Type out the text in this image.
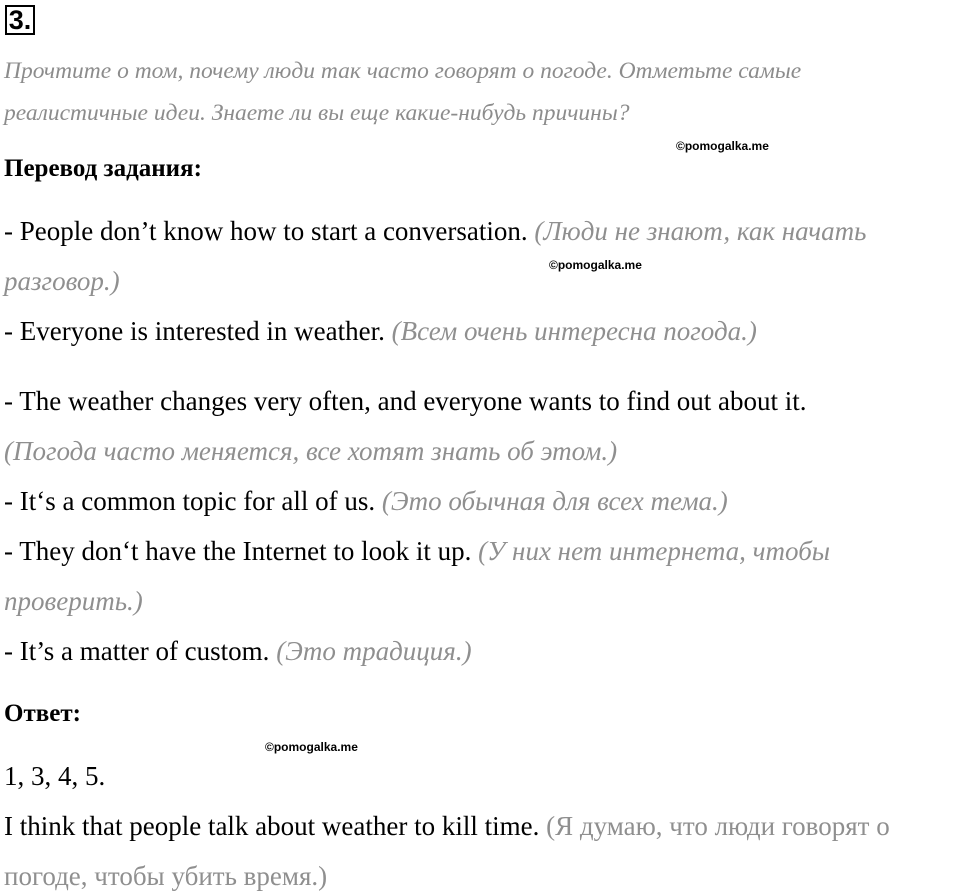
3.
Прочтите о том, почему люди так часто говорят о погоде. Отметьте самые
реалистичные идеи. Знаете ли вы еще какие-нибудь причины?
©pomogalka.me
Перевод задания:
- People don’t know how to start a conversation. (Люди не знают, как начать
разговор.)
©pomogalka.me
- Everyone is interested in weather. (Всем очень интересна погода.)
- The weather changes very often, and everyone wants to find out about it.
(Погода часто меняется, все хотят знать об этом.)
- It‘s a common topic for all of us. (Это обычная для всех тема.)
- They don‘t have the Internet to look it up. (У них нет интернета, чтобы
проверить.)
- It’s a matter of custom. (Это традиция.)
Ответ:
©pomogalka.me
1, 3, 4, 5.
I think that people talk about weather to kill time. (Я думаю, что люди говорят о
погоде, чтобы убить время.)
